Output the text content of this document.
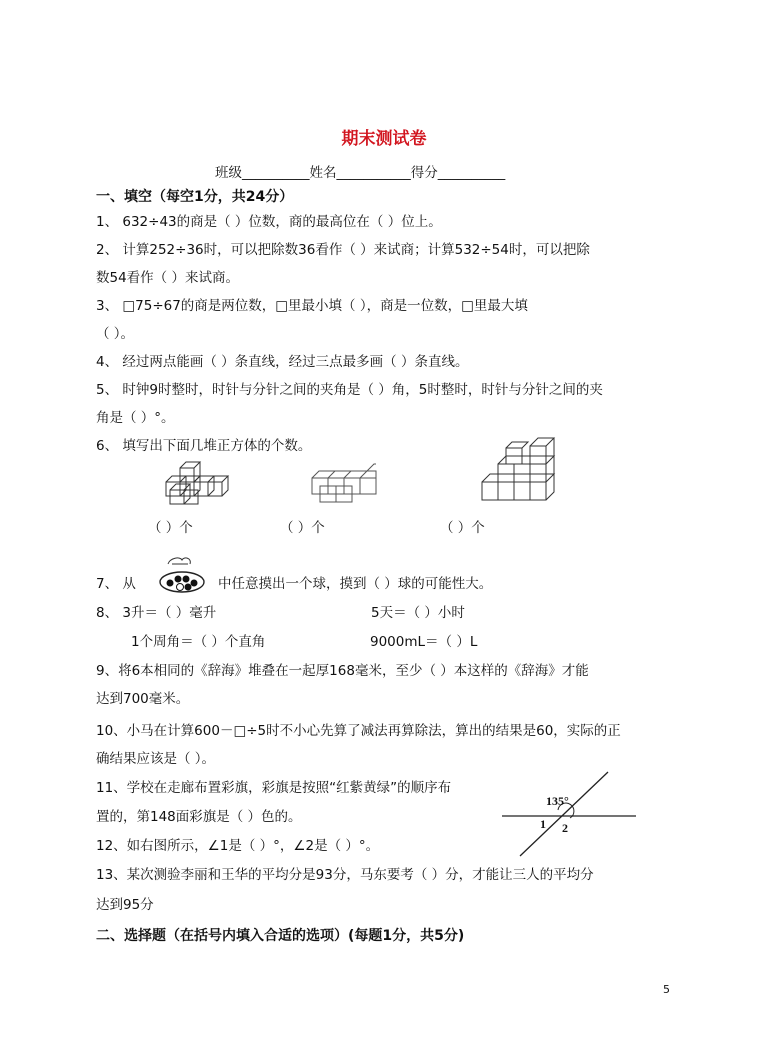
期末测试卷
班级__________姓名___________得分__________
一、填空（每空1分，共24分）
1、 632÷43的商是（ ）位数，商的最高位在（ ）位上。
2、 计算252÷36时，可以把除数36看作（ ）来试商；计算532÷54时，可以把除
数54看作（ ）来试商。
3、 □75÷67的商是两位数，□里最小填（ ），商是一位数，□里最大填
（ ）。
4、 经过两点能画（ ）条直线，经过三点最多画（ ）条直线。
5、 时钟9时整时，时针与分针之间的夹角是（ ）角，5时整时，时针与分针之间的夹
角是（ ）°。
6、 填写出下面几堆正方体的个数。
（ ）个	（ ）个	（ ）个
7、 从	中任意摸出一个球，摸到（ ）球的可能性大。
8、 3升＝（ ）毫升	5天＝（ ）小时
1个周角＝（ ）个直角	9000mL＝（ ）L
9、将6本相同的《辞海》堆叠在一起厚168毫米，至少（ ）本这样的《辞海》才能
达到700毫米。
10、小马在计算600－□÷5时不小心先算了减法再算除法，算出的结果是60，实际的正
确结果应该是（ ）。
11、学校在走廊布置彩旗，彩旗是按照“红紫黄绿”的顺序布
置的，第148面彩旗是（ ）色的。
135°
1 2
12、如右图所示，∠1是（ ）°，∠2是（ ）°。
13、某次测验李丽和王华的平均分是93分，马东要考（ ）分，才能让三人的平均分
达到95分
二、选择题（在括号内填入合适的选项）(每题1分，共5分)
5
